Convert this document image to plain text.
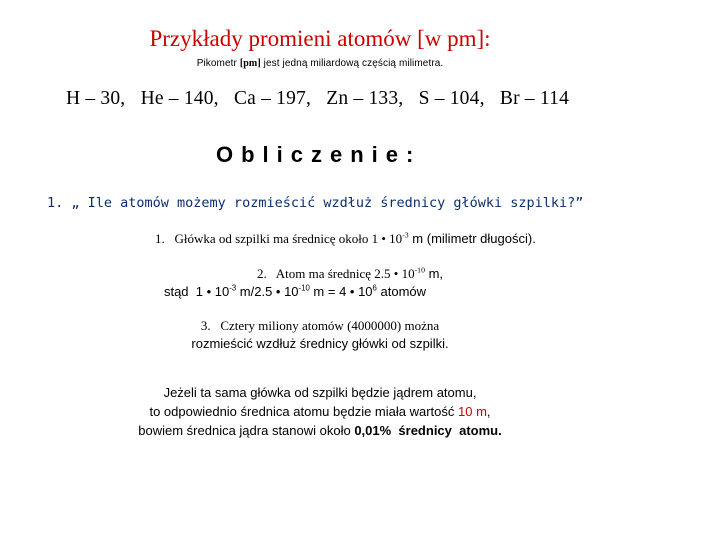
Przykłady promieni atomów [w pm]:
Pikometr [pm] jest jedną miliardową częścią milimetra.
H – 30,   He – 140,   Ca – 197,   Zn – 133,   S – 104,   Br – 114
Obliczenie:
1. „ Ile atomów możemy rozmieścić wzdłuż średnicy główki szpilki?”
1. Główka od szpilki ma średnicę około 1 • $10^{-3}$ m (milimetr długości).
2.   Atom ma średnicę 2.5 • $10^{-10}$ m,
stąd  1 • $10^{-3}$ m/2.5 • $10^{-10}$ m = 4 • $10^6$ atomów
3.   Cztery miliony atomów (4000000) można
rozmieścić wzdłuż średnicy główki od szpilki.
Jeżeli ta sama główka od szpilki będzie jądrem atomu,
to odpowiednio średnica atomu będzie miała wartość 10 m,
bowiem średnica jądra stanowi około 0,01%  średnicy  atomu.
